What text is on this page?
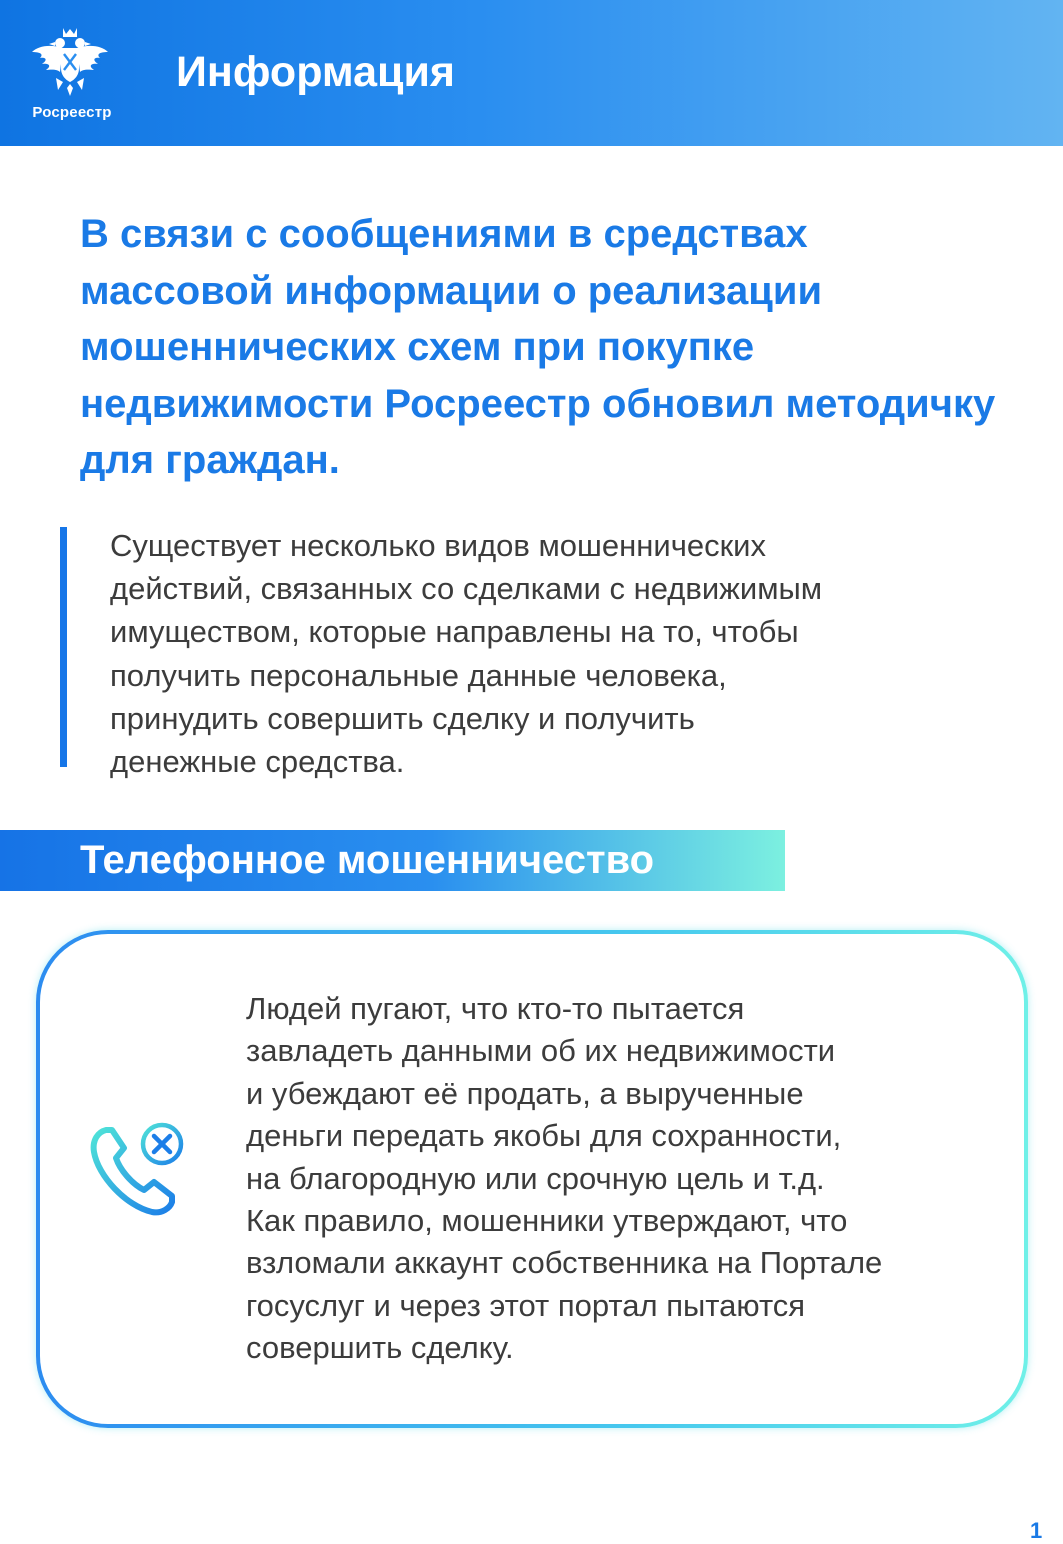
Росреестр
Информация
В связи с сообщениями в средствах массовой информации о реализации мошеннических схем при покупке недвижимости Росреестр обновил методичку для граждан.

Существует несколько видов мошеннических
действий, связанных со сделками с недвижимым
имуществом, которые направлены на то, чтобы
получить персональные данные человека,
принудить совершить сделку и получить
денежные средства.

Телефонное мошенничество

Людей пугают, что кто-то пытается
завладеть данными об их недвижимости
и убеждают её продать, а вырученные
деньги передать якобы для сохранности,
на благородную или срочную цель и т.д.
Как правило, мошенники утверждают, что
взломали аккаунт собственника на Портале
госуслуг и через этот портал пытаются
совершить сделку.

1
